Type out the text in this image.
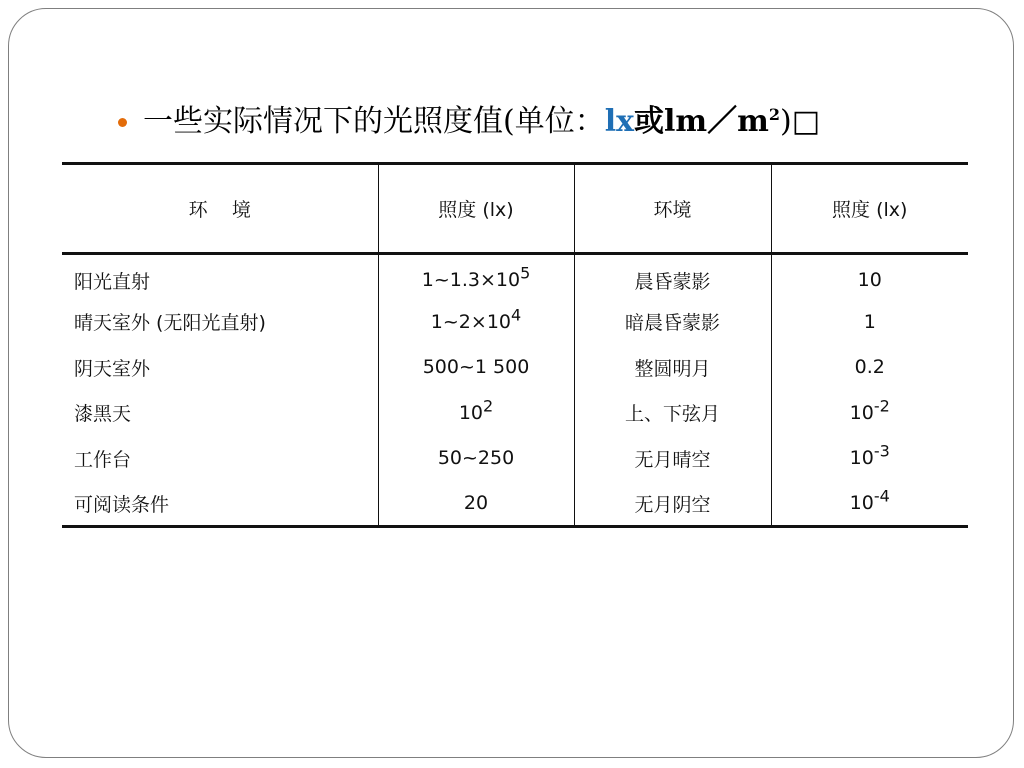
一些实际情况下的光照度值(单位： lx 或$lm/m^2$ )□
环    境	照度 (lx)	环境	照度 (lx)
阳光直射	$1\sim 1.3\times 10^5$	晨昏蒙影	10
晴天室外 (无阳光直射)	$1\sim 2\times 10^4$	暗晨昏蒙影	1
阴天室外	500~1 500	整圆明月	0.2
漆黑天	$10^2$	上、下弦月	$10^{-2}$
工作台	50~250	无月晴空	$10^{-3}$
可阅读条件	20	无月阴空	$10^{-4}$
